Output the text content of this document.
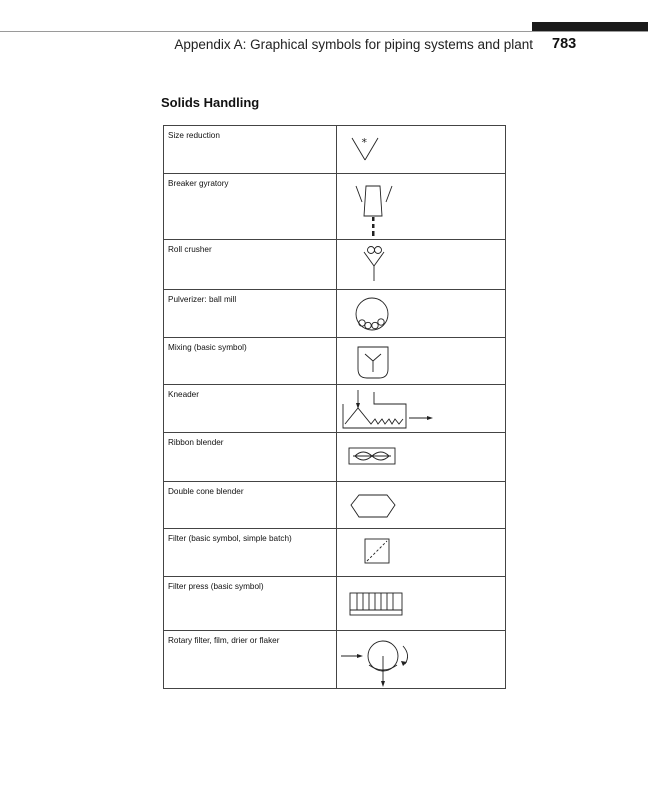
Appendix A: Graphical symbols for piping systems and plant 783
Solids Handling
Size reduction	*

Breaker gyratory	

Roll crusher	

Pulverizer: ball mill	

Mixing (basic symbol)	

Kneader	

Ribbon blender	

Double cone blender	

Filter (basic symbol, simple batch)	

Filter press (basic symbol)	

Rotary filter, film, drier or flaker	
